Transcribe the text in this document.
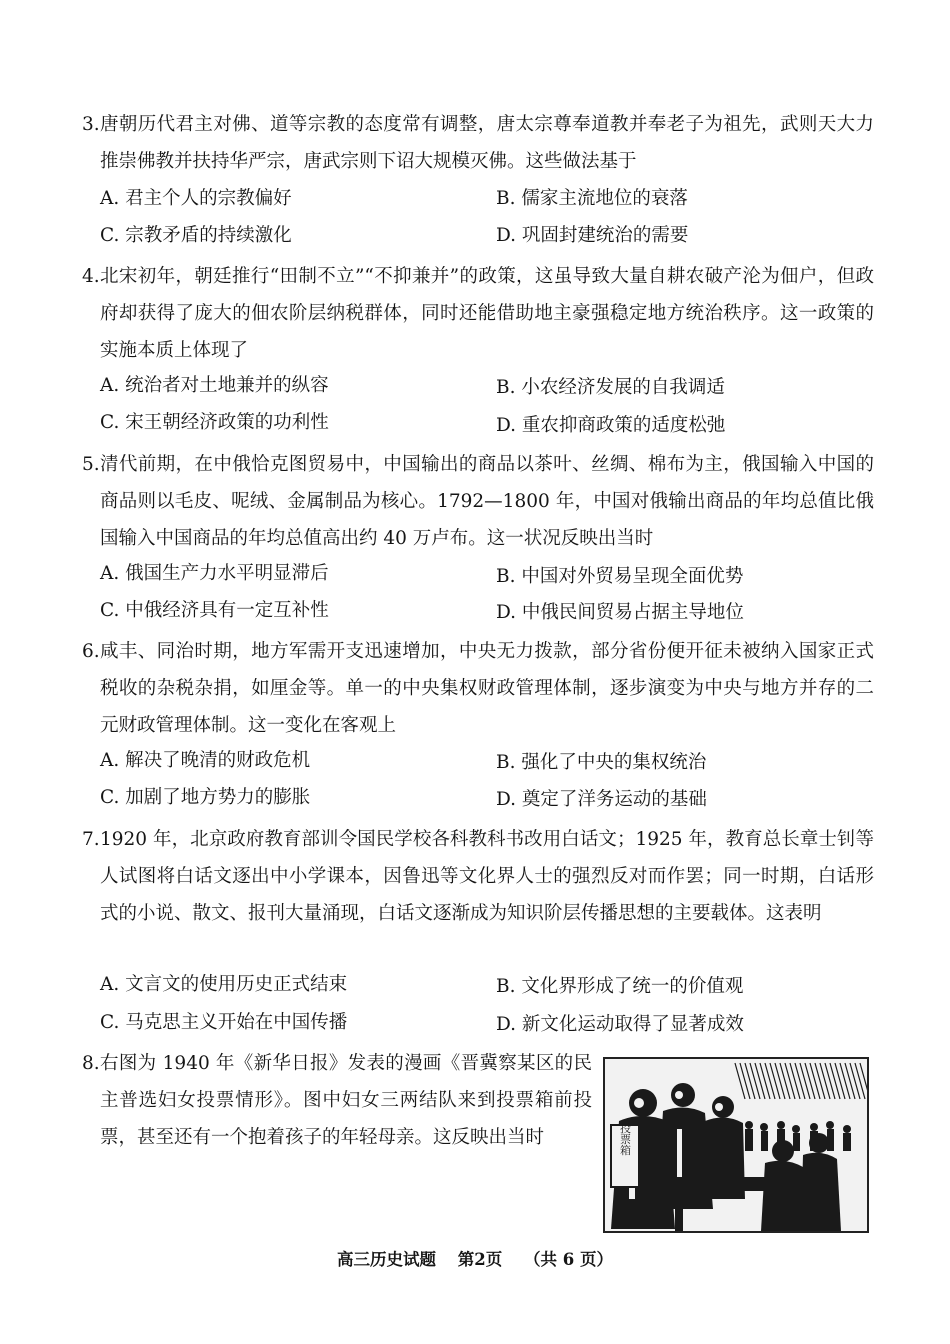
3. 唐朝历代君主对佛、道等宗教的态度常有调整，唐太宗尊奉道教并奉老子为祖先，武则天大力推崇佛教并扶持华严宗，唐武宗则下诏大规模灭佛。这些做法基于
A. 君主个人的宗教偏好	B. 儒家主流地位的衰落
C. 宗教矛盾的持续激化	D. 巩固封建统治的需要
4. 北宋初年，朝廷推行“田制不立”“不抑兼并”的政策，这虽导致大量自耕农破产沦为佃户，但政府却获得了庞大的佃农阶层纳税群体，同时还能借助地主豪强稳定地方统治秩序。这一政策的实施本质上体现了
A. 统治者对土地兼并的纵容	B. 小农经济发展的自我调适
C. 宋王朝经济政策的功利性	D. 重农抑商政策的适度松弛
5. 清代前期，在中俄恰克图贸易中，中国输出的商品以茶叶、丝绸、棉布为主，俄国输入中国的商品则以毛皮、呢绒、金属制品为核心。1792—1800 年，中国对俄输出商品的年均总值比俄国输入中国商品的年均总值高出约 40 万卢布。这一状况反映出当时
A. 俄国生产力水平明显滞后	B. 中国对外贸易呈现全面优势
C. 中俄经济具有一定互补性	D. 中俄民间贸易占据主导地位
6. 咸丰、同治时期，地方军需开支迅速增加，中央无力拨款，部分省份便开征未被纳入国家正式税收的杂税杂捐，如厘金等。单一的中央集权财政管理体制，逐步演变为中央与地方并存的二元财政管理体制。这一变化在客观上
A. 解决了晚清的财政危机	B. 强化了中央的集权统治
C. 加剧了地方势力的膨胀	D. 奠定了洋务运动的基础
7. 1920 年，北京政府教育部训令国民学校各科教科书改用白话文；1925 年，教育总长章士钊等人试图将白话文逐出中小学课本，因鲁迅等文化界人士的强烈反对而作罢；同一时期，白话形式的小说、散文、报刊大量涌现，白话文逐渐成为知识阶层传播思想的主要载体。这表明
A. 文言文的使用历史正式结束	B. 文化界形成了统一的价值观
C. 马克思主义开始在中国传播	D. 新文化运动取得了显著成效
8. 右图为 1940 年《新华日报》发表的漫画《晋冀察某区的民主普选妇女投票情形》。图中妇女三两结队来到投票箱前投票，甚至还有一个抱着孩子的年轻母亲。这反映出当时	投票箱
高三历史试题 第2页 （共 6 页）
